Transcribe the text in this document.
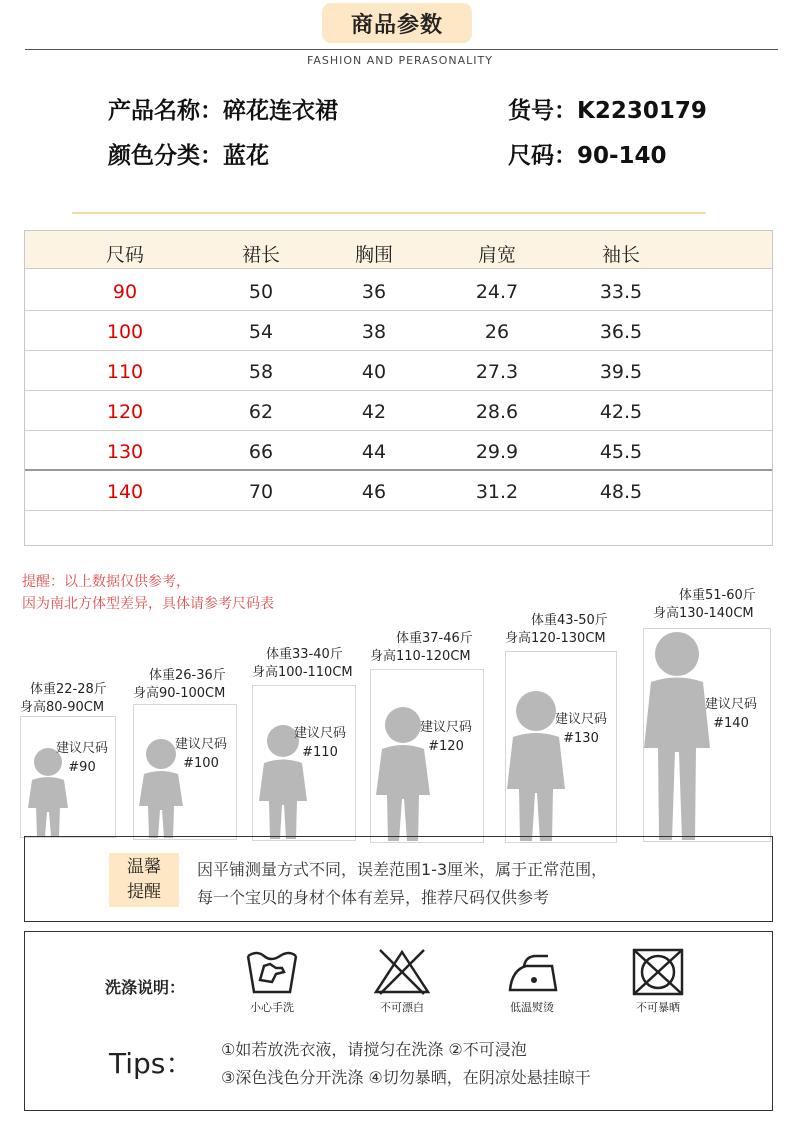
商品参数
FASHION AND PERASONALITY
产品名称：碎花连衣裙
颜色分类：蓝花
货号：K2230179
尺码：90-140
尺码	裙长	胸围	肩宽	袖长
90	50	36	24.7	33.5
100	54	38	26	36.5
110	58	40	27.3	39.5
120	62	42	28.6	42.5
130	66	44	29.9	45.5
140	70	46	31.2	48.5
提醒：以上数据仅供参考，
因为南北方体型差异，具体请参考尺码表
体重22-28斤
身高80-90CM
建议尺码
#90
体重26-36斤
身高90-100CM
建议尺码
#100
体重33-40斤
身高100-110CM
建议尺码
#110
体重37-46斤
身高110-120CM
建议尺码
#120
体重43-50斤
身高120-130CM
建议尺码
#130
体重51-60斤
身高130-140CM
建议尺码
#140
温馨
提醒
因平铺测量方式不同，误差范围1-3厘米，属于正常范围，
每一个宝贝的身材个体有差异，推荐尺码仅供参考
洗涤说明：
小心手洗	不可漂白	低温熨烫	不可暴晒
Tips： ①如若放洗衣液，请搅匀在洗涤 ②不可浸泡
③深色浅色分开洗涤 ④切勿暴晒，在阴凉处悬挂晾干
